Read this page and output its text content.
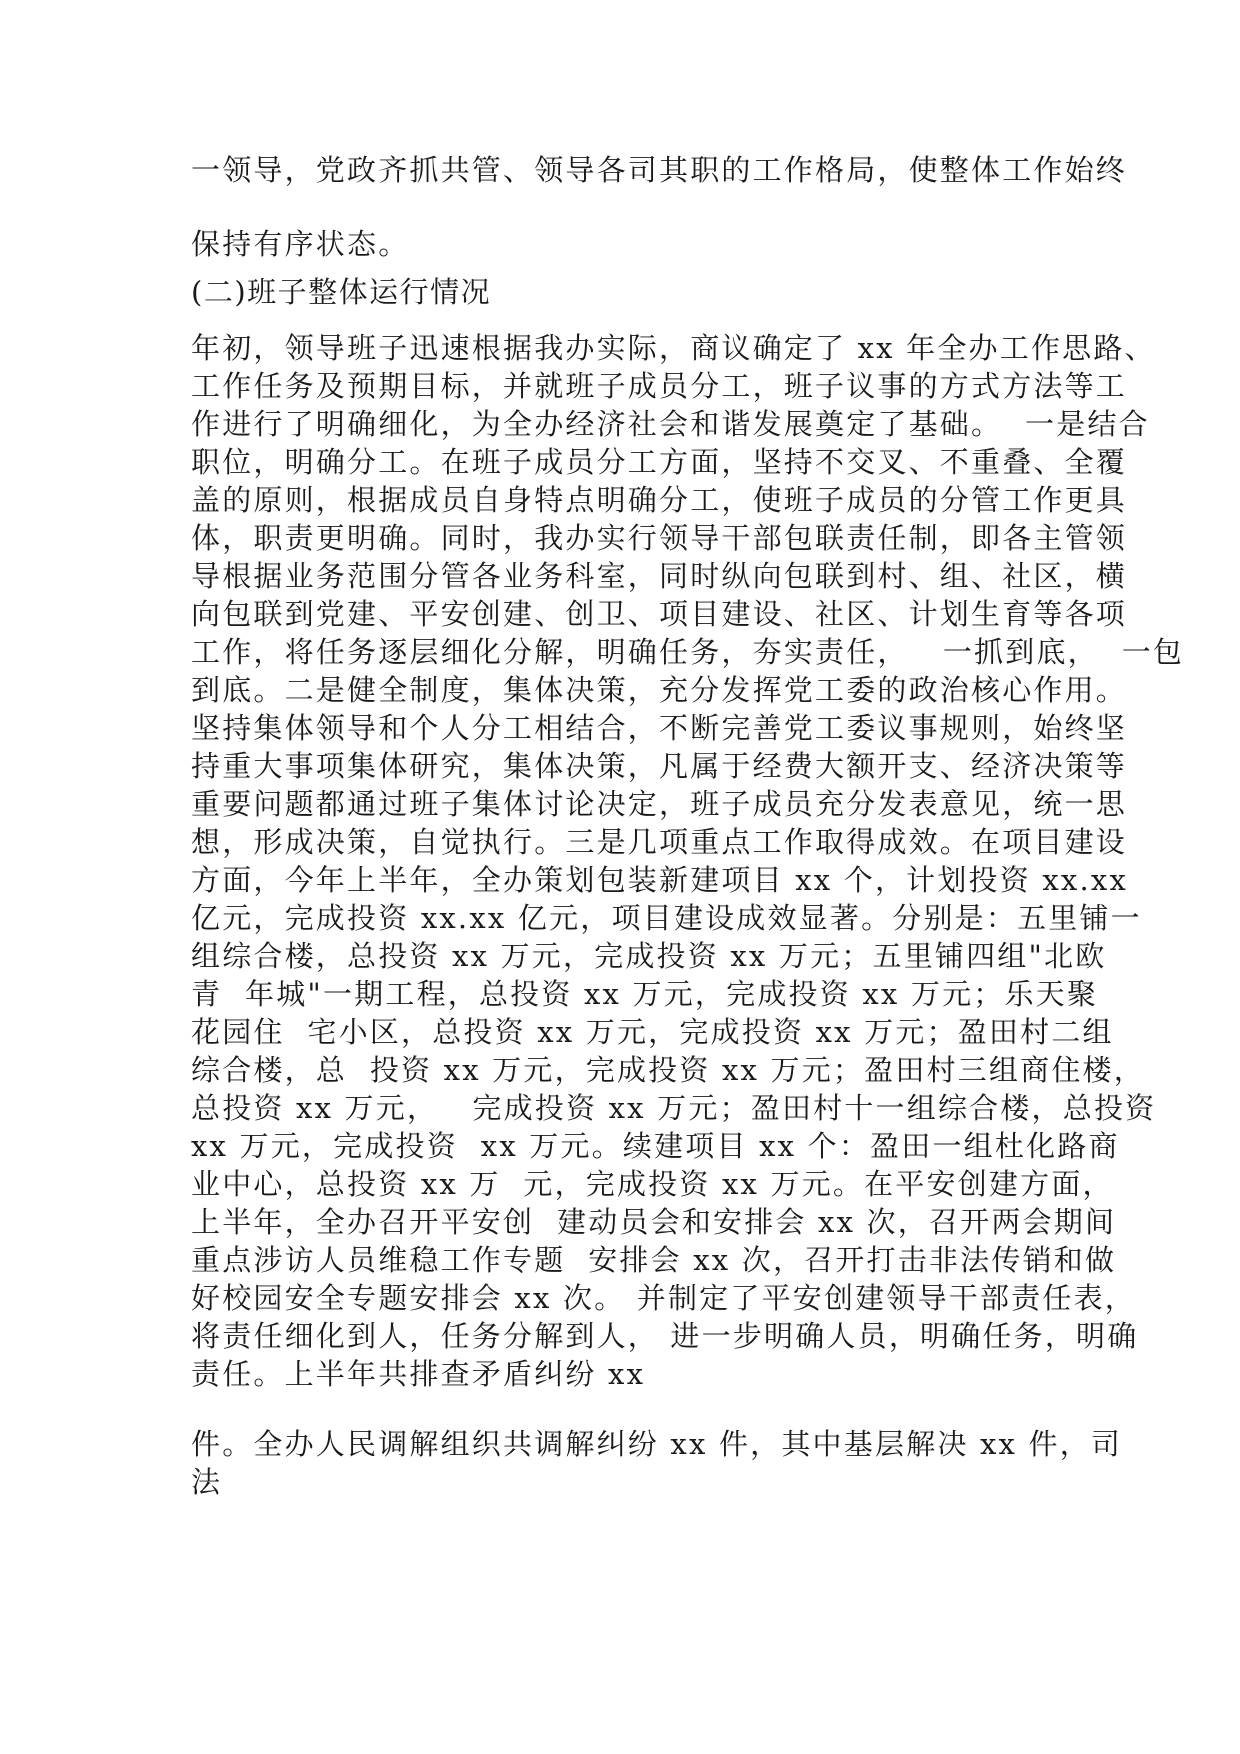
一领导，党政齐抓共管、领导各司其职的工作格局，使整体工作始终
保持有序状态。
(二)班子整体运行情况
年初，领导班子迅速根据我办实际，商议确定了 xx 年全办工作思路、
工作任务及预期目标，并就班子成员分工，班子议事的方式方法等工
作进行了明确细化，为全办经济社会和谐发展奠定了基础。  一是结合
职位，明确分工。在班子成员分工方面，坚持不交叉、不重叠、全覆
盖的原则，根据成员自身特点明确分工，使班子成员的分管工作更具
体，职责更明确。同时，我办实行领导干部包联责任制，即各主管领
导根据业务范围分管各业务科室，同时纵向包联到村、组、社区，横
向包联到党建、平安创建、创卫、项目建设、社区、计划生育等各项
工作，将任务逐层细化分解，明确任务，夯实责任，   一抓到底，  一包
到底。二是健全制度，集体决策，充分发挥党工委的政治核心作用。
坚持集体领导和个人分工相结合，不断完善党工委议事规则，始终坚
持重大事项集体研究，集体决策，凡属于经费大额开支、经济决策等
重要问题都通过班子集体讨论决定，班子成员充分发表意见，统一思
想，形成决策，自觉执行。三是几项重点工作取得成效。在项目建设
方面，今年上半年，全办策划包装新建项目 xx 个，计划投资 xx.xx
亿元，完成投资 xx.xx 亿元，项目建设成效显著。分别是：五里铺一
组综合楼，总投资 xx 万元，完成投资 xx 万元；五里铺四组"北欧
青  年城"一期工程，总投资 xx 万元，完成投资 xx 万元；乐天聚
花园住  宅小区，总投资 xx 万元，完成投资 xx 万元；盈田村二组
综合楼，总  投资 xx 万元，完成投资 xx 万元；盈田村三组商住楼，
总投资 xx 万元，   完成投资 xx 万元；盈田村十一组综合楼，总投资
xx 万元，完成投资  xx 万元。续建项目 xx 个：盈田一组杜化路商
业中心，总投资 xx 万  元，完成投资 xx 万元。在平安创建方面，
上半年，全办召开平安创  建动员会和安排会 xx 次，召开两会期间
重点涉访人员维稳工作专题  安排会 xx 次，召开打击非法传销和做
好校园安全专题安排会 xx 次。 并制定了平安创建领导干部责任表，
将责任细化到人，任务分解到人， 进一步明确人员，明确任务，明确
责任。上半年共排查矛盾纠纷 xx
件。全办人民调解组织共调解纠纷 xx 件，其中基层解决 xx 件，司
法
